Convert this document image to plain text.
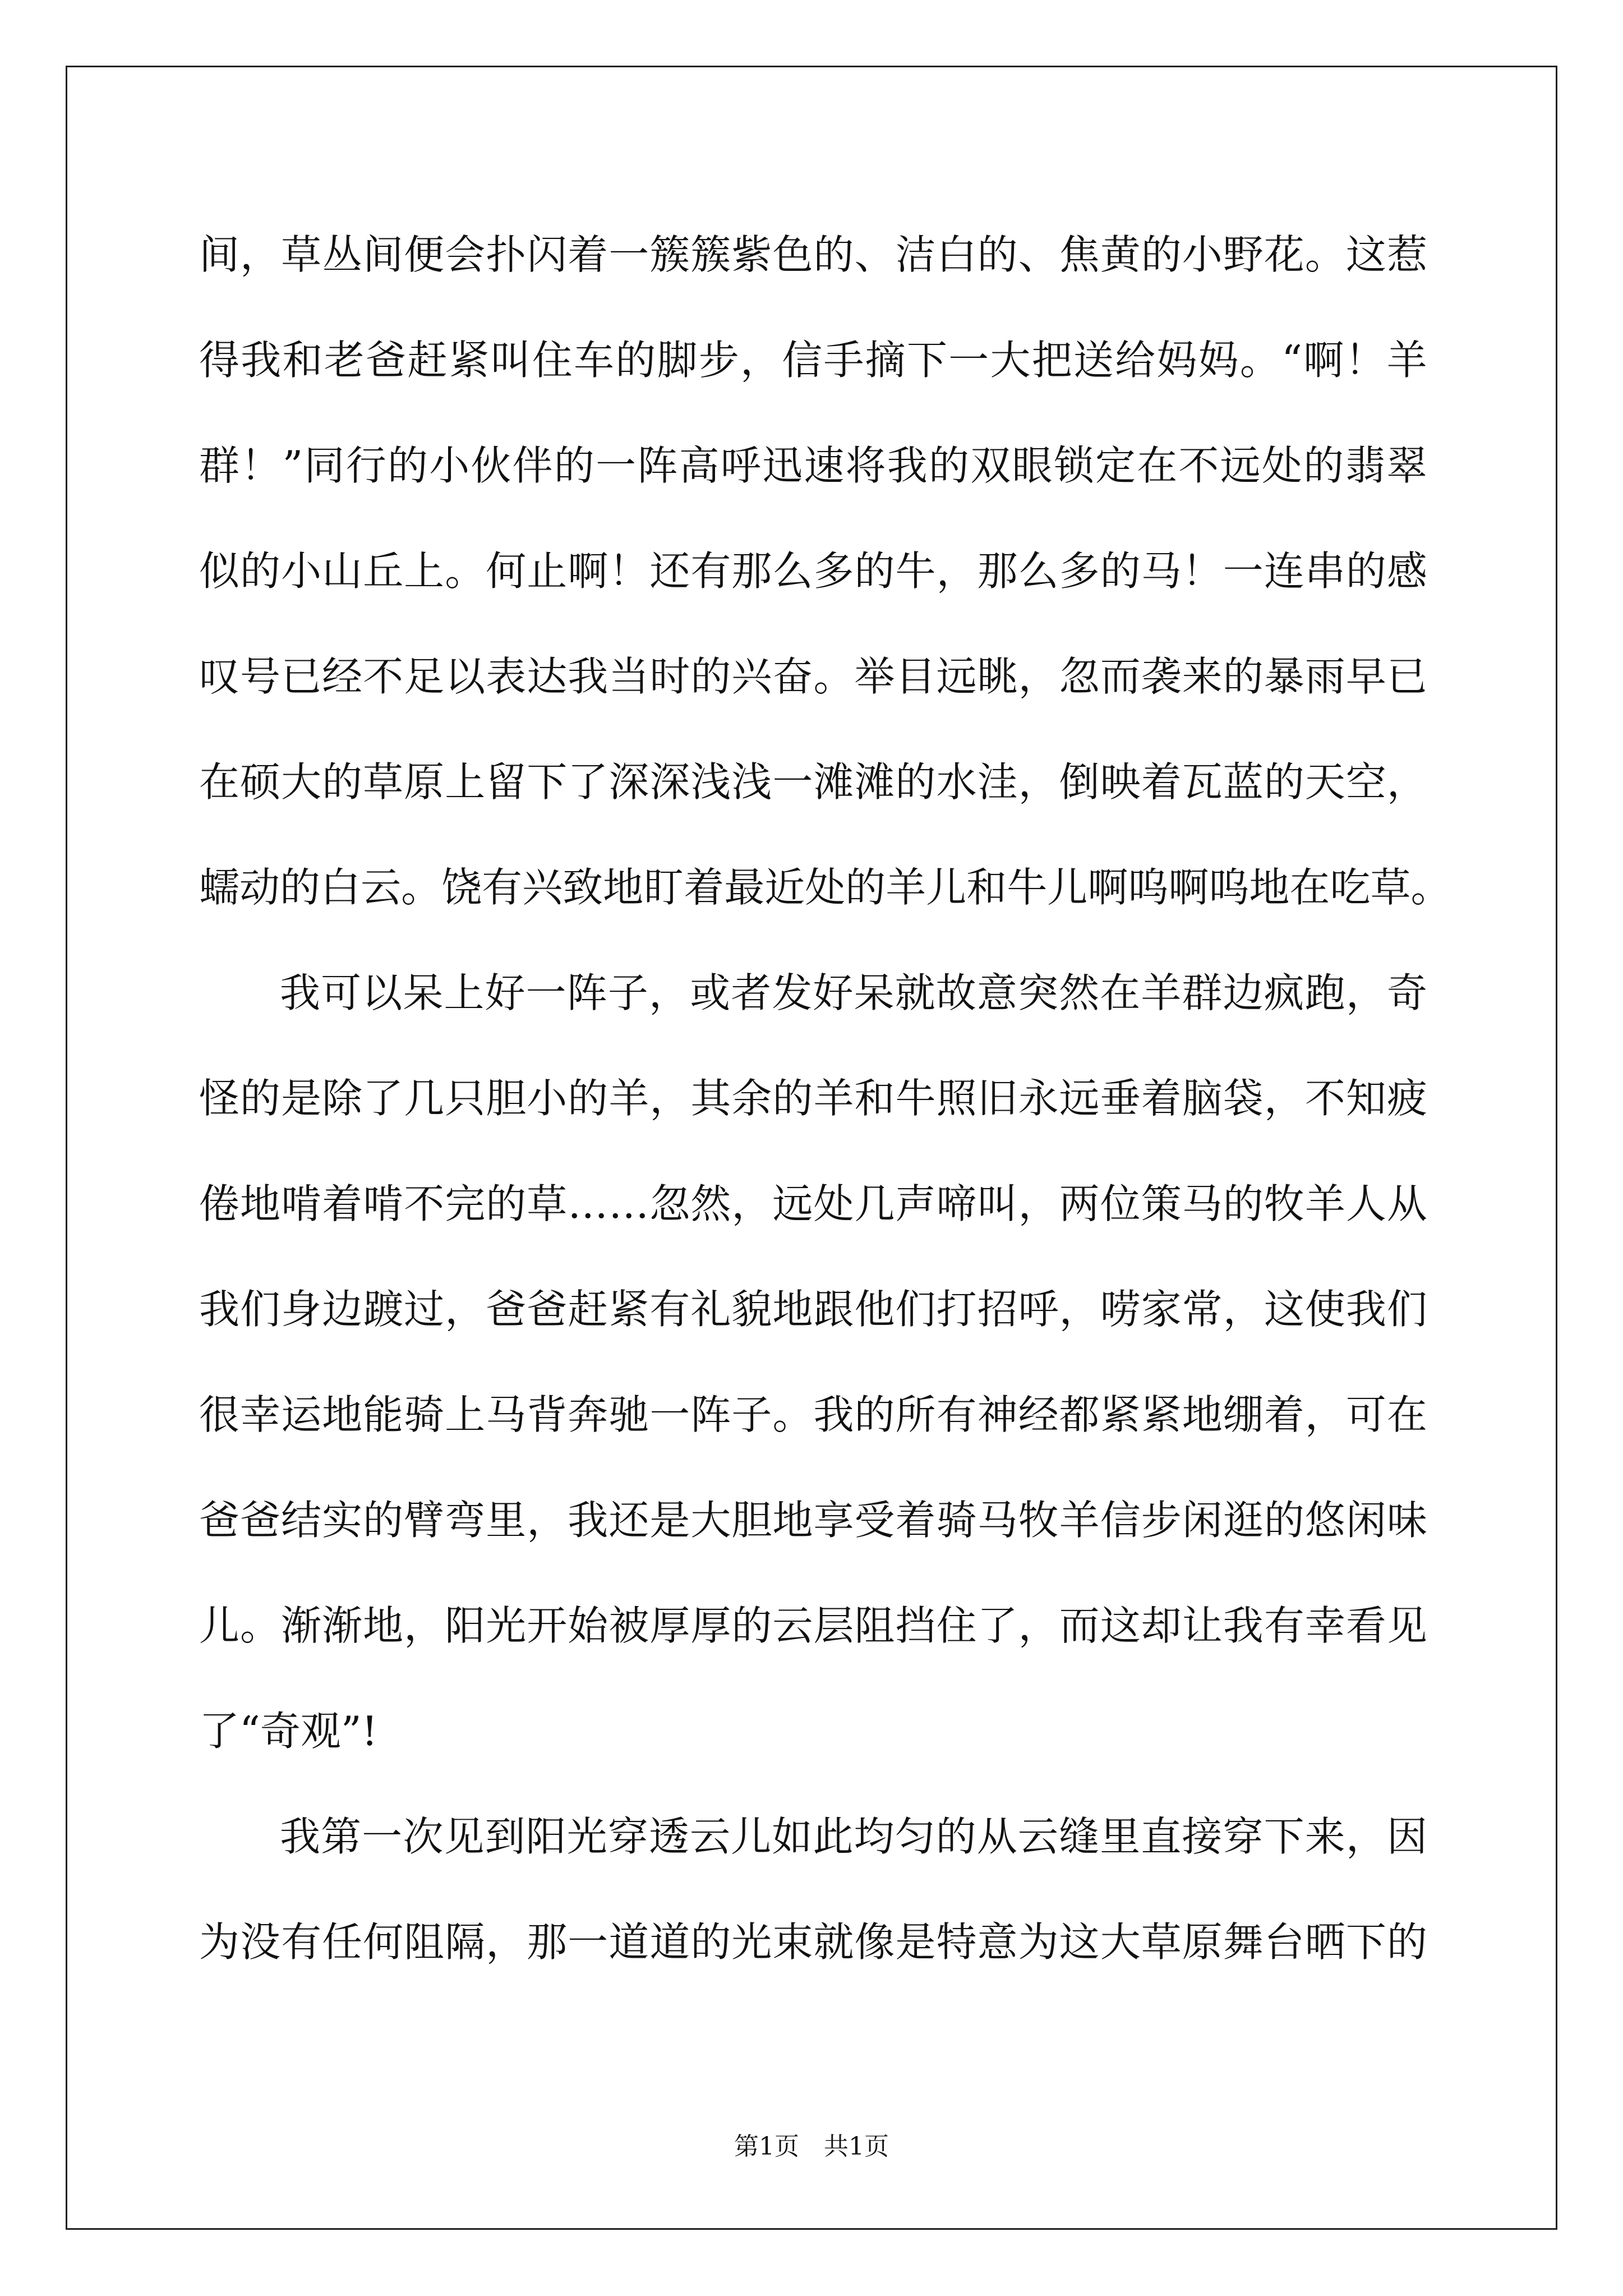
间 ， 草 丛 间 便 会 扑 闪 着 一 簇 簇 紫 色 的 、 洁 白 的 、 焦 黄 的 小 野 花 。 这 惹
得 我 和 老 爸 赶 紧 叫 住 车 的 脚 步 ， 信 手 摘 下 一 大 把 送 给 妈 妈 。 “ 啊 ！ 羊
群 ！ ” 同 行 的 小 伙 伴 的 一 阵 高 呼 迅 速 将 我 的 双 眼 锁 定 在 不 远 处 的 翡 翠
似 的 小 山 丘 上 。 何 止 啊 ！ 还 有 那 么 多 的 牛 ， 那 么 多 的 马 ！ 一 连 串 的 感
叹 号 已 经 不 足 以 表 达 我 当 时 的 兴 奋 。 举 目 远 眺 ， 忽 而 袭 来 的 暴 雨 早 已
在 硕 大 的 草 原 上 留 下 了 深 深 浅 浅 一 滩 滩 的 水 洼 ， 倒 映 着 瓦 蓝 的 天 空 ，
蠕 动 的 白 云 。 饶 有 兴 致 地 盯 着 最 近 处 的 羊 儿 和 牛 儿 啊 呜 啊 呜 地 在 吃 草 。
我 可 以 呆 上 好 一 阵 子 ， 或 者 发 好 呆 就 故 意 突 然 在 羊 群 边 疯 跑 ， 奇
怪 的 是 除 了 几 只 胆 小 的 羊 ， 其 余 的 羊 和 牛 照 旧 永 远 垂 着 脑 袋 ， 不 知 疲
倦 地 啃 着 啃 不 完 的 草 … … 忽 然 ， 远 处 几 声 啼 叫 ， 两 位 策 马 的 牧 羊 人 从
我 们 身 边 踱 过 ， 爸 爸 赶 紧 有 礼 貌 地 跟 他 们 打 招 呼 ， 唠 家 常 ， 这 使 我 们
很 幸 运 地 能 骑 上 马 背 奔 驰 一 阵 子 。 我 的 所 有 神 经 都 紧 紧 地 绷 着 ， 可 在
爸 爸 结 实 的 臂 弯 里 ， 我 还 是 大 胆 地 享 受 着 骑 马 牧 羊 信 步 闲 逛 的 悠 闲 味
儿 。 渐 渐 地 ， 阳 光 开 始 被 厚 厚 的 云 层 阻 挡 住 了 ， 而 这 却 让 我 有 幸 看 见
了 “ 奇 观 ” !
我 第 一 次 见 到 阳 光 穿 透 云 儿 如 此 均 匀 的 从 云 缝 里 直 接 穿 下 来 ， 因
为 没 有 任 何 阻 隔 ， 那 一 道 道 的 光 束 就 像 是 特 意 为 这 大 草 原 舞 台 晒 下 的
第1页　共1页
